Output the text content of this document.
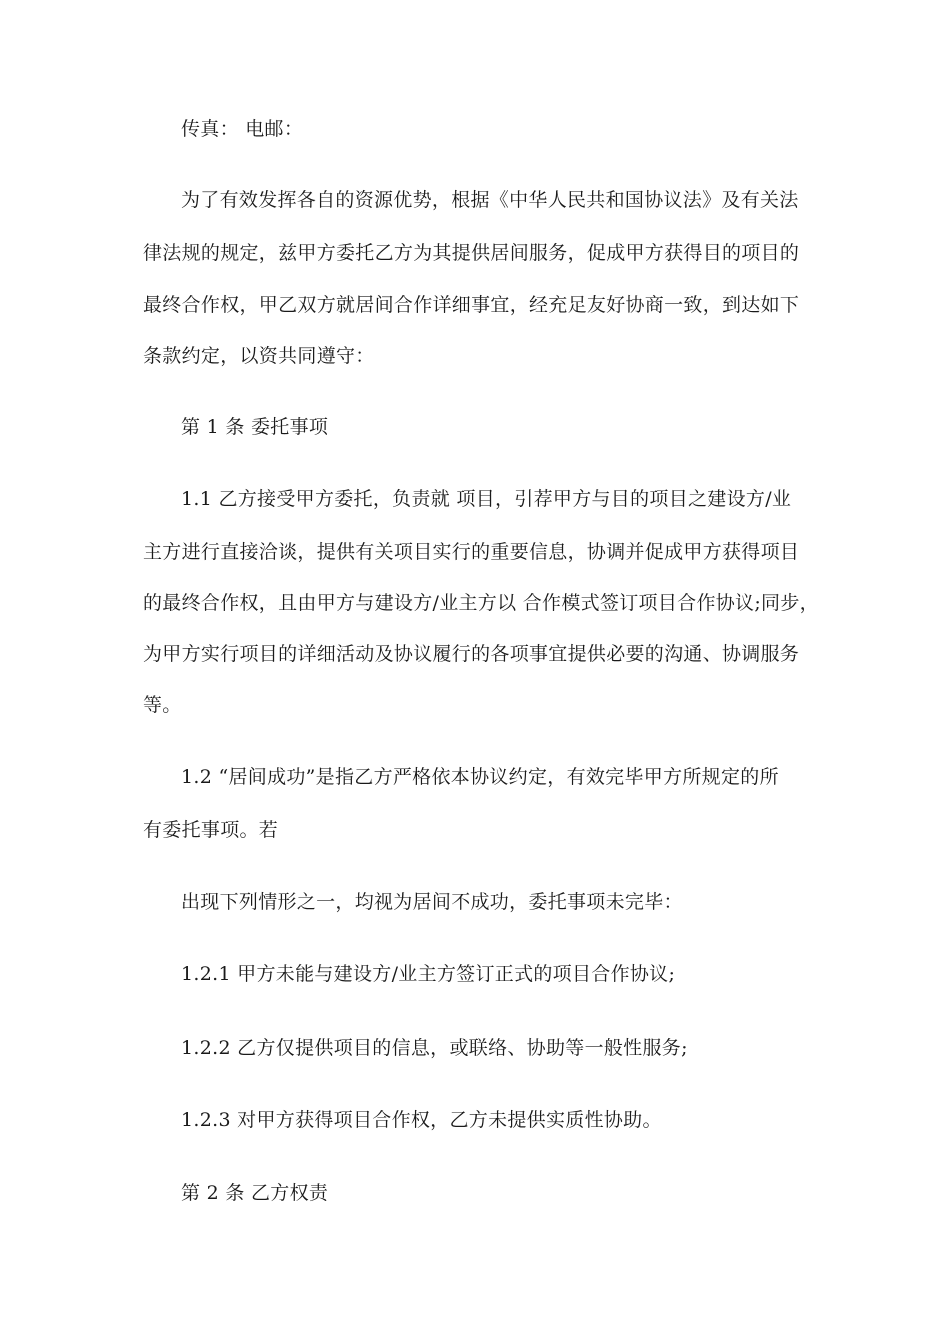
传真： 电邮：
为了有效发挥各自的资源优势，根据《中华人民共和国协议法》及有关法
律法规的规定，兹甲方委托乙方为其提供居间服务，促成甲方获得目的项目的
最终合作权，甲乙双方就居间合作详细事宜，经充足友好协商一致，到达如下
条款约定，以资共同遵守：
第 1 条 委托事项
1.1 乙方接受甲方委托，负责就 项目，引荐甲方与目的项目之建设方/业
主方进行直接洽谈，提供有关项目实行的重要信息，协调并促成甲方获得项目
的最终合作权，且由甲方与建设方/业主方以 合作模式签订项目合作协议;同步，
为甲方实行项目的详细活动及协议履行的各项事宜提供必要的沟通、协调服务
等。
1.2 “居间成功”是指乙方严格依本协议约定，有效完毕甲方所规定的所
有委托事项。若
出现下列情形之一，均视为居间不成功，委托事项未完毕：
1.2.1 甲方未能与建设方/业主方签订正式的项目合作协议;
1.2.2 乙方仅提供项目的信息，或联络、协助等一般性服务;
1.2.3 对甲方获得项目合作权，乙方未提供实质性协助。
第 2 条 乙方权责
